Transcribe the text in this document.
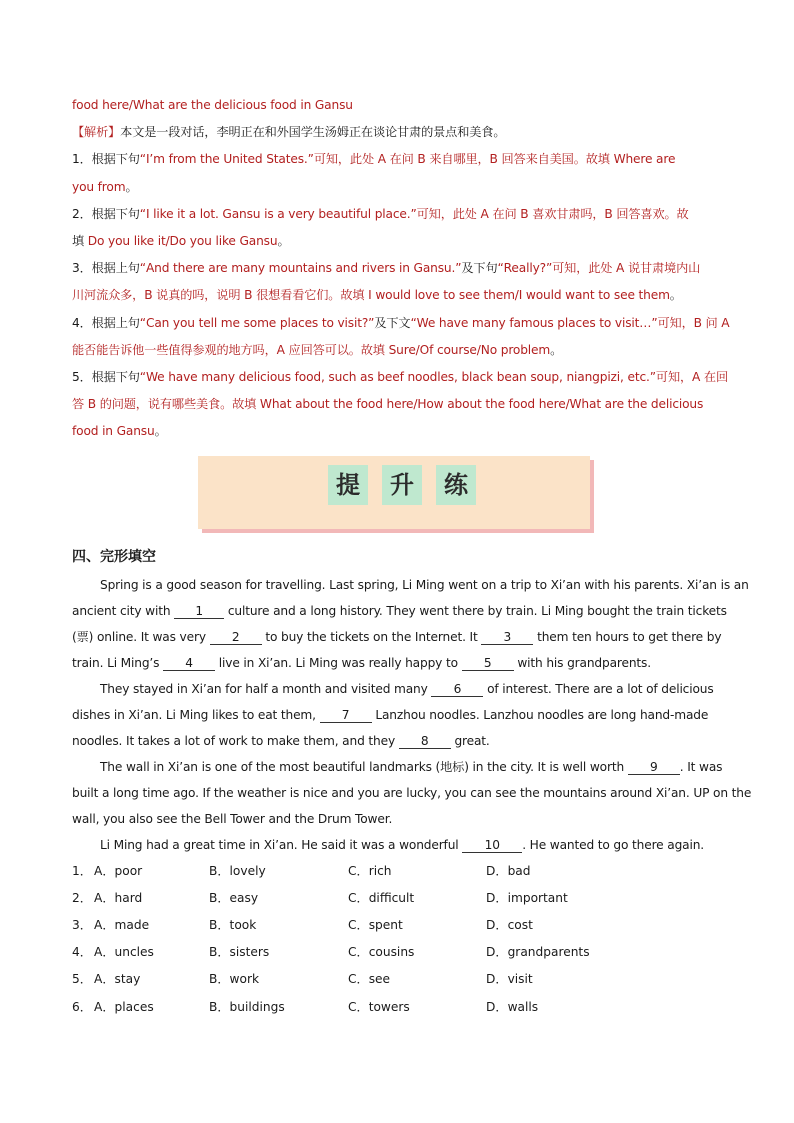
food here/What are the delicious food in Gansu
【解析】本文是一段对话，李明正在和外国学生汤姆正在谈论甘肃的景点和美食。
1．根据下句“I’m from the United States.”可知，此处 A 在问 B 来自哪里，B 回答来自美国。故填 Where are
you from。
2．根据下句“I like it a lot. Gansu is a very beautiful place.”可知，此处 A 在问 B 喜欢甘肃吗，B 回答喜欢。故
填 Do you like it/Do you like Gansu。
3．根据上句“And there are many mountains and rivers in Gansu.”及下句“Really?”可知，此处 A 说甘肃境内山
川河流众多，B 说真的吗，说明 B 很想看看它们。故填 I would love to see them/I would want to see them。
4．根据上句“Can you tell me some places to visit?”及下文“We have many famous places to visit…”可知，B 问 A
能否能告诉他一些值得参观的地方吗，A 应回答可以。故填 Sure/Of course/No problem。
5．根据下句“We have many delicious food, such as beef noodles, black bean soup, niangpizi, etc.”可知，A 在回
答 B 的问题，说有哪些美食。故填 What about the food here/How about the food here/What are the delicious
food in Gansu。
提	升	练
四、完形填空
Spring is a good season for travelling. Last spring, Li Ming went on a trip to Xi’an with his parents. Xi’an is an
ancient city with 1 culture and a long history. They went there by train. Li Ming bought the train tickets
(票) online. It was very 2 to buy the tickets on the Internet. It 3 them ten hours to get there by
train. Li Ming’s 4 live in Xi’an. Li Ming was really happy to 5 with his grandparents.
They stayed in Xi’an for half a month and visited many 6 of interest. There are a lot of delicious
dishes in Xi’an. Li Ming likes to eat them, 7 Lanzhou noodles. Lanzhou noodles are long hand-made
noodles. It takes a lot of work to make them, and they 8 great.
The wall in Xi’an is one of the most beautiful landmarks (地标) in the city. It is well worth 9 . It was
built a long time ago. If the weather is nice and you are lucky, you can see the mountains around Xi’an. UP on the
wall, you also see the Bell Tower and the Drum Tower.
Li Ming had a great time in Xi’an. He said it was a wonderful 10 . He wanted to go there again.
1． A．poor	B．lovely	C．rich	D．bad
2． A．hard	B．easy	C．difficult	D．important
3． A．made	B．took	C．spent	D．cost
4． A．uncles	B．sisters	C．cousins	D．grandparents
5． A．stay	B．work	C．see	D．visit
6． A．places	B．buildings	C．towers	D．walls
